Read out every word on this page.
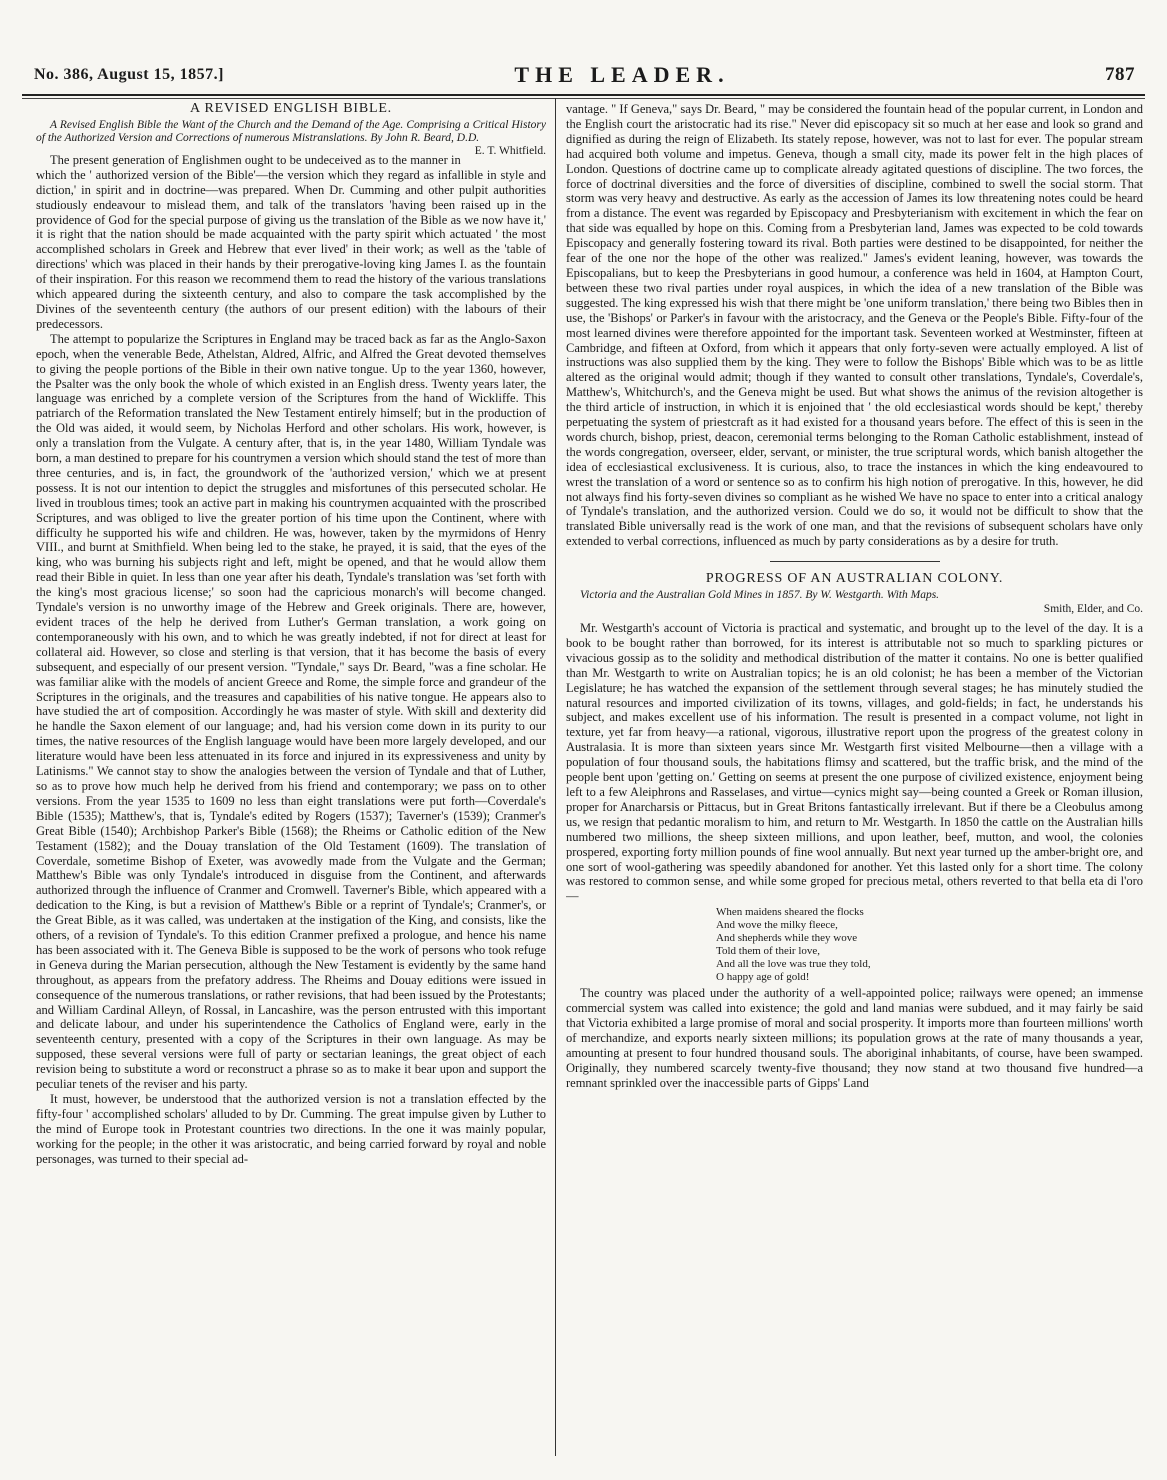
No. 386, August 15, 1857.]	THE LEADER.	787
A REVISED ENGLISH BIBLE.

A Revised English Bible the Want of the Church and the Demand of the Age. Comprising a Critical History of the Authorized Version and Corrections of numerous Mistranslations. By John R. Beard, D.D.
E. T. Whitfield.

The present generation of Englishmen ought to be undeceived as to the manner in which the ' authorized version of the Bible'—the version which they regard as infallible in style and diction,' in spirit and in doctrine—was prepared. When Dr. Cumming and other pulpit authorities studiously endeavour to mislead them, and talk of the translators 'having been raised up in the providence of God for the special purpose of giving us the translation of the Bible as we now have it,' it is right that the nation should be made acquainted with the party spirit which actuated ' the most accomplished scholars in Greek and Hebrew that ever lived' in their work; as well as the 'table of directions' which was placed in their hands by their prerogative-loving king James I. as the fountain of their inspiration. For this reason we recommend them to read the history of the various translations which appeared during the sixteenth century, and also to compare the task accomplished by the Divines of the seventeenth century (the authors of our present edition) with the labours of their predecessors.

The attempt to popularize the Scriptures in England may be traced back as far as the Anglo-Saxon epoch, when the venerable Bede, Athelstan, Aldred, Alfric, and Alfred the Great devoted themselves to giving the people portions of the Bible in their own native tongue. Up to the year 1360, however, the Psalter was the only book the whole of which existed in an English dress. Twenty years later, the language was enriched by a complete version of the Scriptures from the hand of Wickliffe. This patriarch of the Reformation translated the New Testament entirely himself; but in the production of the Old was aided, it would seem, by Nicholas Herford and other scholars. His work, however, is only a translation from the Vulgate. A century after, that is, in the year 1480, William Tyndale was born, a man destined to prepare for his countrymen a version which should stand the test of more than three centuries, and is, in fact, the groundwork of the 'authorized version,' which we at present possess. It is not our intention to depict the struggles and misfortunes of this persecuted scholar. He lived in troublous times; took an active part in making his countrymen acquainted with the proscribed Scriptures, and was obliged to live the greater portion of his time upon the Continent, where with difficulty he supported his wife and children. He was, however, taken by the myrmidons of Henry VIII., and burnt at Smithfield. When being led to the stake, he prayed, it is said, that the eyes of the king, who was burning his subjects right and left, might be opened, and that he would allow them read their Bible in quiet. In less than one year after his death, Tyndale's translation was 'set forth with the king's most gracious license;' so soon had the capricious monarch's will become changed. Tyndale's version is no unworthy image of the Hebrew and Greek originals. There are, however, evident traces of the help he derived from Luther's German translation, a work going on contemporaneously with his own, and to which he was greatly indebted, if not for direct at least for collateral aid. However, so close and sterling is that version, that it has become the basis of every subsequent, and especially of our present version. "Tyndale," says Dr. Beard, "was a fine scholar. He was familiar alike with the models of ancient Greece and Rome, the simple force and grandeur of the Scriptures in the originals, and the treasures and capabilities of his native tongue. He appears also to have studied the art of composition. Accordingly he was master of style. With skill and dexterity did he handle the Saxon element of our language; and, had his version come down in its purity to our times, the native resources of the English language would have been more largely developed, and our literature would have been less attenuated in its force and injured in its expressiveness and unity by Latinisms." We cannot stay to show the analogies between the version of Tyndale and that of Luther, so as to prove how much help he derived from his friend and contemporary; we pass on to other versions. From the year 1535 to 1609 no less than eight translations were put forth—Coverdale's Bible (1535); Matthew's, that is, Tyndale's edited by Rogers (1537); Taverner's (1539); Cranmer's Great Bible (1540); Archbishop Parker's Bible (1568); the Rheims or Catholic edition of the New Testament (1582); and the Douay translation of the Old Testament (1609). The translation of Coverdale, sometime Bishop of Exeter, was avowedly made from the Vulgate and the German; Matthew's Bible was only Tyndale's introduced in disguise from the Continent, and afterwards authorized through the influence of Cranmer and Cromwell. Taverner's Bible, which appeared with a dedication to the King, is but a revision of Matthew's Bible or a reprint of Tyndale's; Cranmer's, or the Great Bible, as it was called, was undertaken at the instigation of the King, and consists, like the others, of a revision of Tyndale's. To this edition Cranmer prefixed a prologue, and hence his name has been associated with it. The Geneva Bible is supposed to be the work of persons who took refuge in Geneva during the Marian persecution, although the New Testament is evidently by the same hand throughout, as appears from the prefatory address. The Rheims and Douay editions were issued in consequence of the numerous translations, or rather revisions, that had been issued by the Protestants; and William Cardinal Alleyn, of Rossal, in Lancashire, was the person entrusted with this important and delicate labour, and under his superintendence the Catholics of England were, early in the seventeenth century, presented with a copy of the Scriptures in their own language. As may be supposed, these several versions were full of party or sectarian leanings, the great object of each revision being to substitute a word or reconstruct a phrase so as to make it bear upon and support the peculiar tenets of the reviser and his party.

It must, however, be understood that the authorized version is not a translation effected by the fifty-four ' accomplished scholars' alluded to by Dr. Cumming. The great impulse given by Luther to the mind of Europe took in Protestant countries two directions. In the one it was mainly popular, working for the people; in the other it was aristocratic, and being carried forward by royal and noble personages, was turned to their special ad-

vantage. " If Geneva," says Dr. Beard, " may be considered the fountain head of the popular current, in London and the English court the aristocratic had its rise." Never did episcopacy sit so much at her ease and look so grand and dignified as during the reign of Elizabeth. Its stately repose, however, was not to last for ever. The popular stream had acquired both volume and impetus. Geneva, though a small city, made its power felt in the high places of London. Questions of doctrine came up to complicate already agitated questions of discipline. The two forces, the force of doctrinal diversities and the force of diversities of discipline, combined to swell the social storm. That storm was very heavy and destructive. As early as the accession of James its low threatening notes could be heard from a distance. The event was regarded by Episcopacy and Presbyterianism with excitement in which the fear on that side was equalled by hope on this. Coming from a Presbyterian land, James was expected to be cold towards Episcopacy and generally fostering toward its rival. Both parties were destined to be disappointed, for neither the fear of the one nor the hope of the other was realized." James's evident leaning, however, was towards the Episcopalians, but to keep the Presbyterians in good humour, a conference was held in 1604, at Hampton Court, between these two rival parties under royal auspices, in which the idea of a new translation of the Bible was suggested. The king expressed his wish that there might be 'one uniform translation,' there being two Bibles then in use, the 'Bishops' or Parker's in favour with the aristocracy, and the Geneva or the People's Bible. Fifty-four of the most learned divines were therefore appointed for the important task. Seventeen worked at Westminster, fifteen at Cambridge, and fifteen at Oxford, from which it appears that only forty-seven were actually employed. A list of instructions was also supplied them by the king. They were to follow the Bishops' Bible which was to be as little altered as the original would admit; though if they wanted to consult other translations, Tyndale's, Coverdale's, Matthew's, Whitchurch's, and the Geneva might be used. But what shows the animus of the revision altogether is the third article of instruction, in which it is enjoined that ' the old ecclesiastical words should be kept,' thereby perpetuating the system of priestcraft as it had existed for a thousand years before. The effect of this is seen in the words church, bishop, priest, deacon, ceremonial terms belonging to the Roman Catholic establishment, instead of the words congregation, overseer, elder, servant, or minister, the true scriptural words, which banish altogether the idea of ecclesiastical exclusiveness. It is curious, also, to trace the instances in which the king endeavoured to wrest the translation of a word or sentence so as to confirm his high notion of prerogative. In this, however, he did not always find his forty-seven divines so compliant as he wished We have no space to enter into a critical analogy of Tyndale's translation, and the authorized version. Could we do so, it would not be difficult to show that the translated Bible universally read is the work of one man, and that the revisions of subsequent scholars have only extended to verbal corrections, influenced as much by party considerations as by a desire for truth.

PROGRESS OF AN AUSTRALIAN COLONY.

Victoria and the Australian Gold Mines in 1857. By W. Westgarth. With Maps.

Smith, Elder, and Co.

Mr. Westgarth's account of Victoria is practical and systematic, and brought up to the level of the day. It is a book to be bought rather than borrowed, for its interest is attributable not so much to sparkling pictures or vivacious gossip as to the solidity and methodical distribution of the matter it contains. No one is better qualified than Mr. Westgarth to write on Australian topics; he is an old colonist; he has been a member of the Victorian Legislature; he has watched the expansion of the settlement through several stages; he has minutely studied the natural resources and imported civilization of its towns, villages, and gold-fields; in fact, he understands his subject, and makes excellent use of his information. The result is presented in a compact volume, not light in texture, yet far from heavy—a rational, vigorous, illustrative report upon the progress of the greatest colony in Australasia. It is more than sixteen years since Mr. Westgarth first visited Melbourne—then a village with a population of four thousand souls, the habitations flimsy and scattered, but the traffic brisk, and the mind of the people bent upon 'getting on.' Getting on seems at present the one purpose of civilized existence, enjoyment being left to a few Aleiphrons and Rasselases, and virtue—cynics might say—being counted a Greek or Roman illusion, proper for Anarcharsis or Pittacus, but in Great Britons fantastically irrelevant. But if there be a Cleobulus among us, we resign that pedantic moralism to him, and return to Mr. Westgarth. In 1850 the cattle on the Australian hills numbered two millions, the sheep sixteen millions, and upon leather, beef, mutton, and wool, the colonies prospered, exporting forty million pounds of fine wool annually. But next year turned up the amber-bright ore, and one sort of wool-gathering was speedily abandoned for another. Yet this lasted only for a short time. The colony was restored to common sense, and while some groped for precious metal, others reverted to that bella eta di l'oro—

When maidens sheared the flocks
And wove the milky fleece,
And shepherds while they wove
Told them of their love,
And all the love was true they told,
O happy age of gold!

The country was placed under the authority of a well-appointed police; railways were opened; an immense commercial system was called into existence; the gold and land manias were subdued, and it may fairly be said that Victoria exhibited a large promise of moral and social prosperity. It imports more than fourteen millions' worth of merchandize, and exports nearly sixteen millions; its population grows at the rate of many thousands a year, amounting at present to four hundred thousand souls. The aboriginal inhabitants, of course, have been swamped. Originally, they numbered scarcely twenty-five thousand; they now stand at two thousand five hundred—a remnant sprinkled over the inaccessible parts of Gipps' Land
